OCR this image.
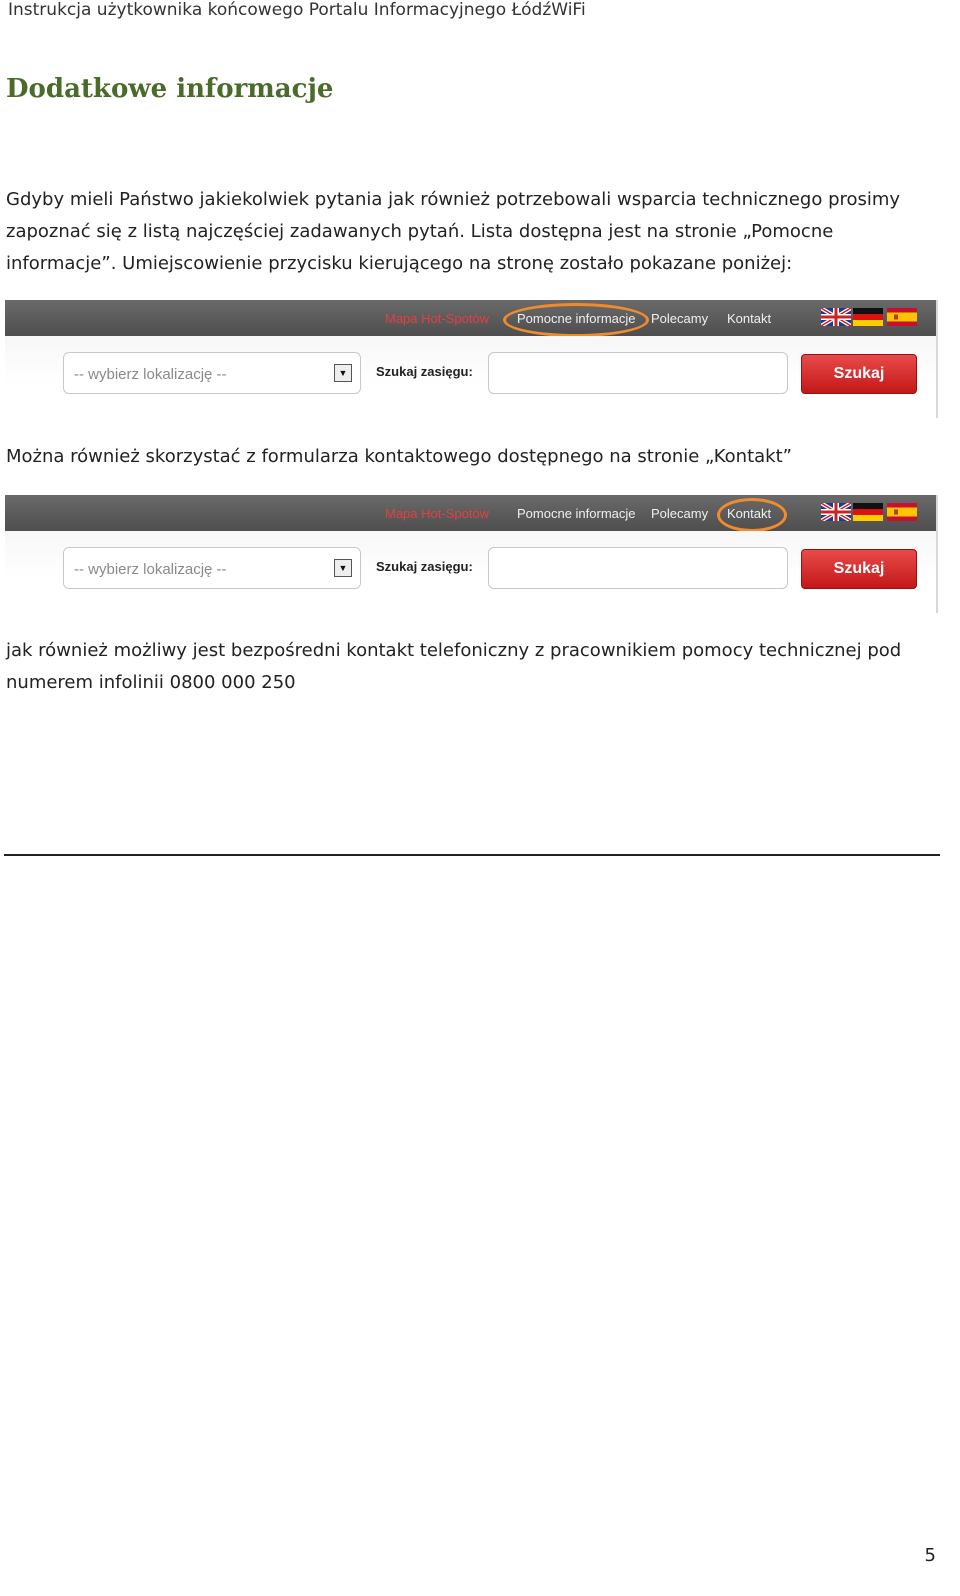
Instrukcja użytkownika końcowego Portalu Informacyjnego ŁódźWiFi
Dodatkowe informacje

Gdyby mieli Państwo jakiekolwiek pytania jak również potrzebowali wsparcia technicznego prosimy zapoznać się z listą najczęściej zadawanych pytań. Lista dostępna jest na stronie „Pomocne informacje”. Umiejscowienie przycisku kierującego na stronę zostało pokazane poniżej:

Mapa Hot-Spotów Pomocne informacje Polecamy Kontakt
-- wybierz lokalizację --	▼	Szukaj zasięgu:	Szukaj

Można również skorzystać z formularza kontaktowego dostępnego na stronie „Kontakt”

Mapa Hot-Spotów Pomocne informacje Polecamy Kontakt
-- wybierz lokalizację --	▼	Szukaj zasięgu:	Szukaj

jak również możliwy jest bezpośredni kontakt telefoniczny z pracownikiem pomocy technicznej pod numerem infolinii 0800 000 250

5
